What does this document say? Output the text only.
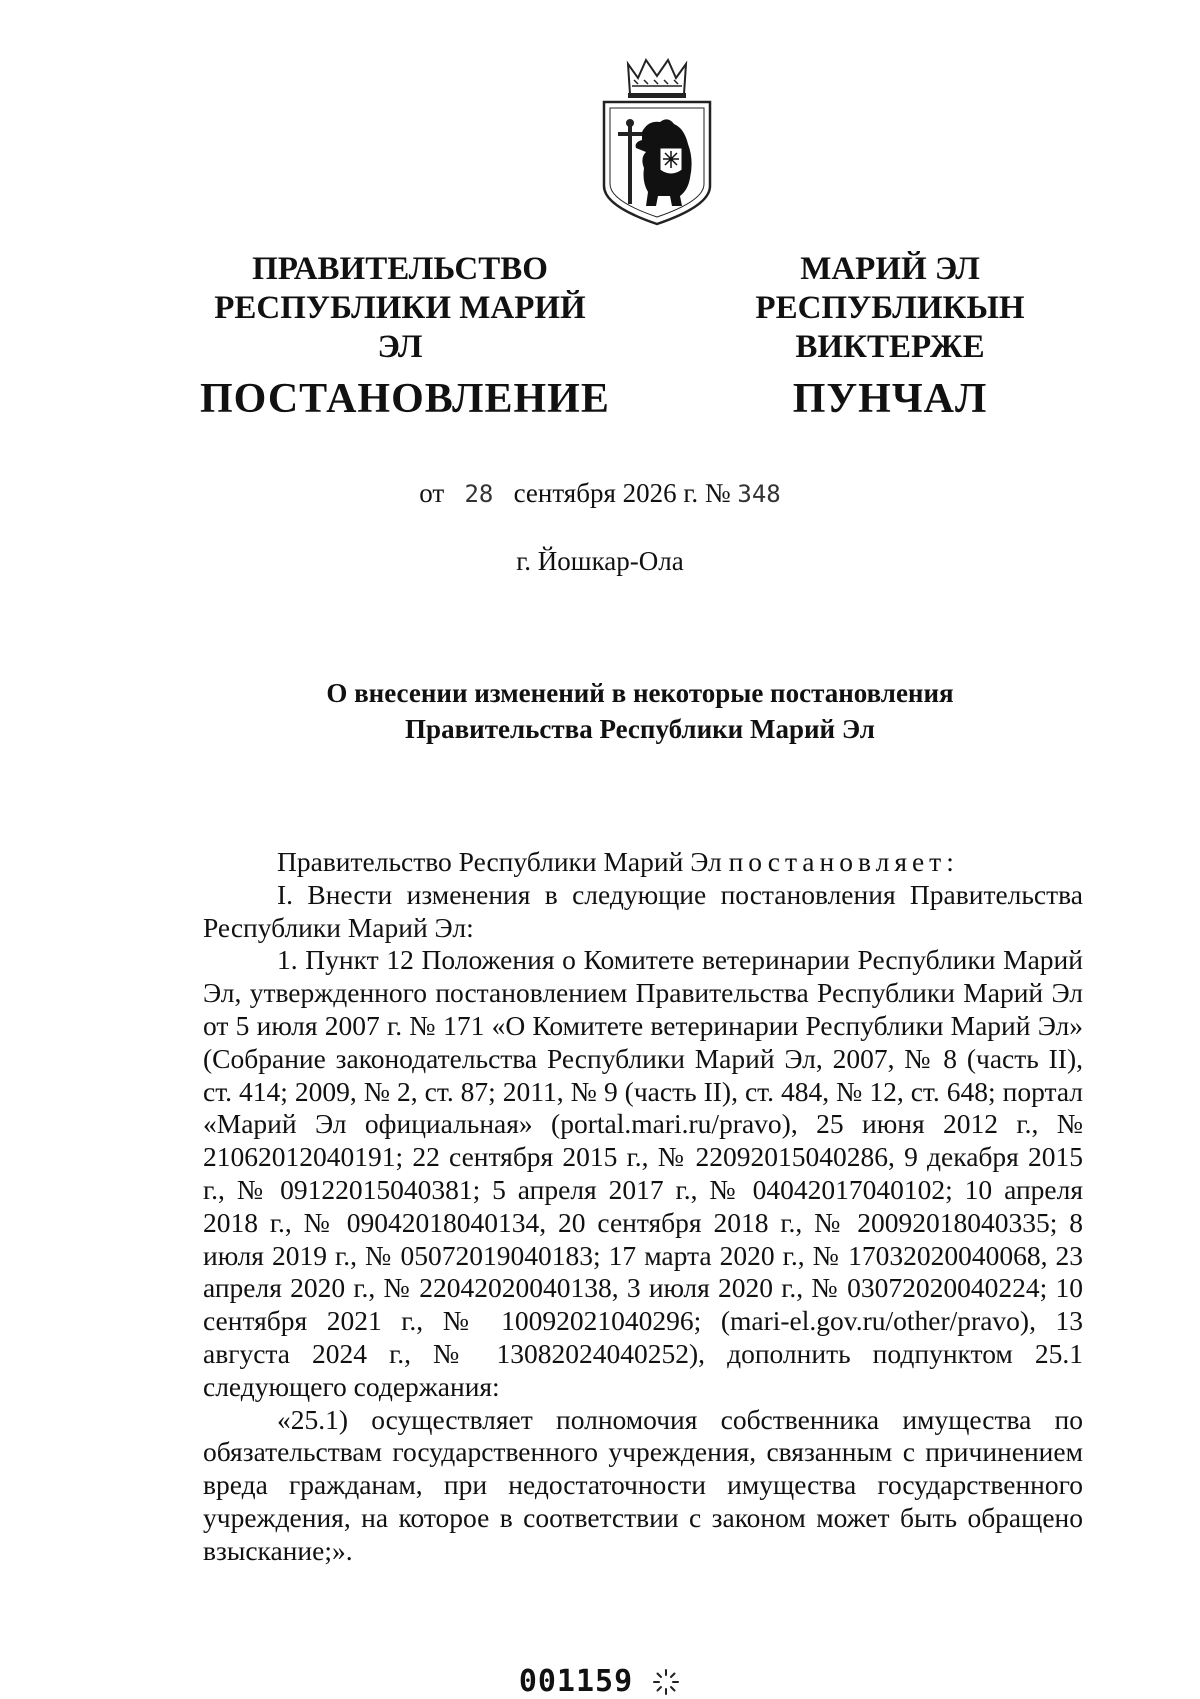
ПРАВИТЕЛЬСТВО
РЕСПУБЛИКИ МАРИЙ ЭЛ
ПОСТАНОВЛЕНИЕ
МАРИЙ ЭЛ РЕСПУБЛИКЫН
ВИКТЕРЖЕ
ПУНЧАЛ
от 28 сентября 2026 г. № 348
г. Йошкар-Ола
О внесении изменений в некоторые постановления
Правительства Республики Марий Эл

Правительство Республики Марий Эл постановляет:

I. Внести изменения в следующие постановления Правительства Республики Марий Эл:

1. Пункт 12 Положения о Комитете ветеринарии Республики Марий Эл, утвержденного постановлением Правительства Республики Марий Эл от 5 июля 2007 г. № 171 «О Комитете ветеринарии Республики Марий Эл» (Собрание законодательства Республики Марий Эл, 2007, № 8 (часть II), ст. 414; 2009, № 2, ст. 87; 2011, № 9 (часть II), ст. 484, № 12, ст. 648; портал «Марий Эл официальная» (portal.mari.ru/pravo), 25 июня 2012 г., № 21062012040191; 22 сентября 2015 г., № 22092015040286, 9 декабря 2015 г., № 09122015040381; 5 апреля 2017 г., № 04042017040102; 10 апреля 2018 г., № 09042018040134, 20 сентября 2018 г., № 20092018040335; 8 июля 2019 г., № 05072019040183; 17 марта 2020 г., № 17032020040068, 23 апреля 2020 г., № 22042020040138, 3 июля 2020 г., № 03072020040224; 10 сентября 2021 г., № 10092021040296; (mari-el.gov.ru/other/pravo), 13 августа 2024 г., № 13082024040252), дополнить подпунктом 25.1 следующего содержания:

«25.1) осуществляет полномочия собственника имущества по обязательствам государственного учреждения, связанным с причинением вреда гражданам, при недостаточности имущества государственного учреждения, на которое в соответствии с законом может быть обращено взыскание;».

001159
